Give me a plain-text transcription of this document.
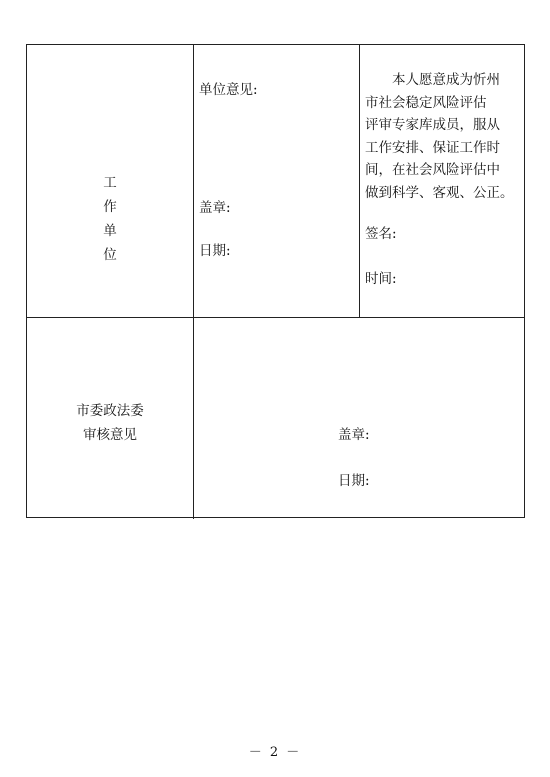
工
作
单
位
单位意见:
盖章:
日期:
　　本人愿意成为忻州
市社会稳定风险评估
评审专家库成员，服从
工作安排、保证工作时
间，在社会风险评估中
做到科学、客观、公正。
签名:
时间:
市委政法委
审核意见	盖章:
日期:
－ 2 －
